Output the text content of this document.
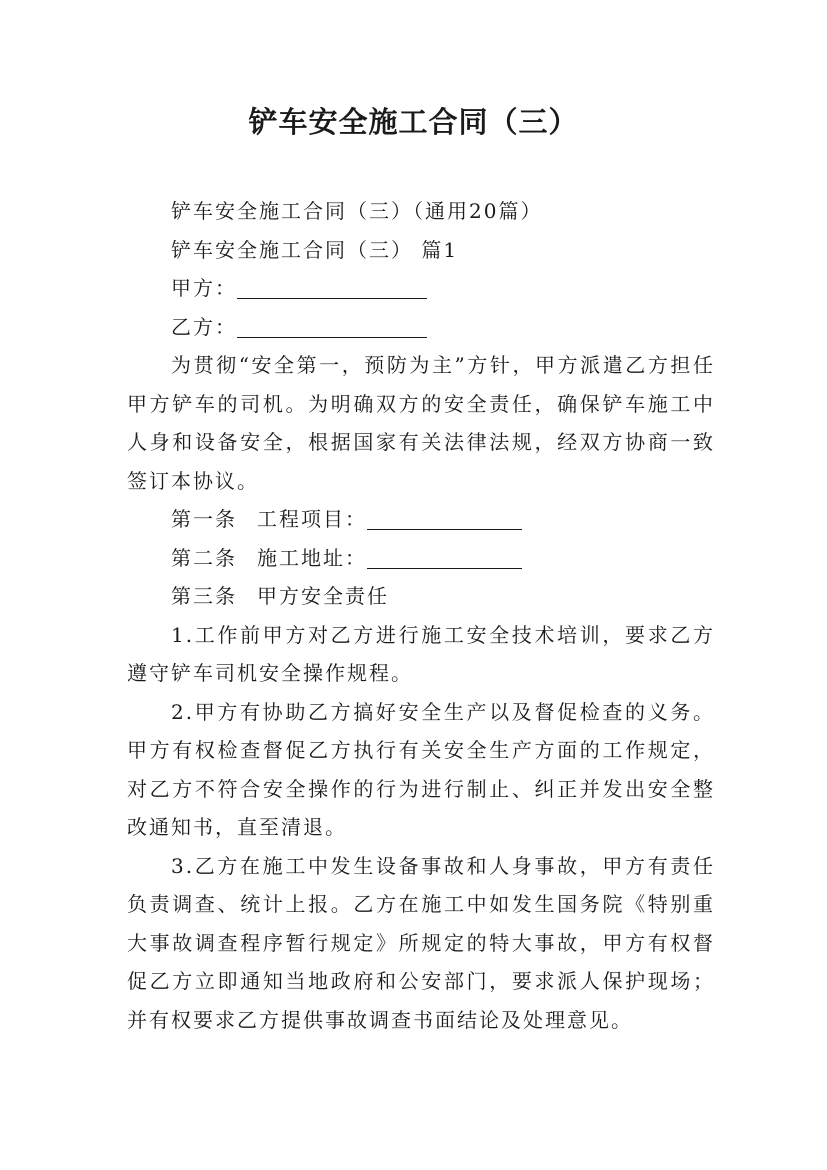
铲车安全施工合同（三）

铲车安全施工合同（三）（通用20篇）

铲车安全施工合同（三） 篇1

甲方：

乙方：

为贯彻“安全第一，预防为主”方针，甲方派遣乙方担任甲方铲车的司机。为明确双方的安全责任，确保铲车施工中人身和设备安全，根据国家有关法律法规，经双方协商一致签订本协议。

第一条 工程项目：

第二条 施工地址：

第三条 甲方安全责任

1.工作前甲方对乙方进行施工安全技术培训，要求乙方遵守铲车司机安全操作规程。

2.甲方有协助乙方搞好安全生产以及督促检查的义务。甲方有权检查督促乙方执行有关安全生产方面的工作规定，对乙方不符合安全操作的行为进行制止、纠正并发出安全整改通知书，直至清退。

3.乙方在施工中发生设备事故和人身事故，甲方有责任负责调查、统计上报。乙方在施工中如发生国务院《特别重大事故调查程序暂行规定》所规定的特大事故，甲方有权督促乙方立即通知当地政府和公安部门，要求派人保护现场；并有权要求乙方提供事故调查书面结论及处理意见。
